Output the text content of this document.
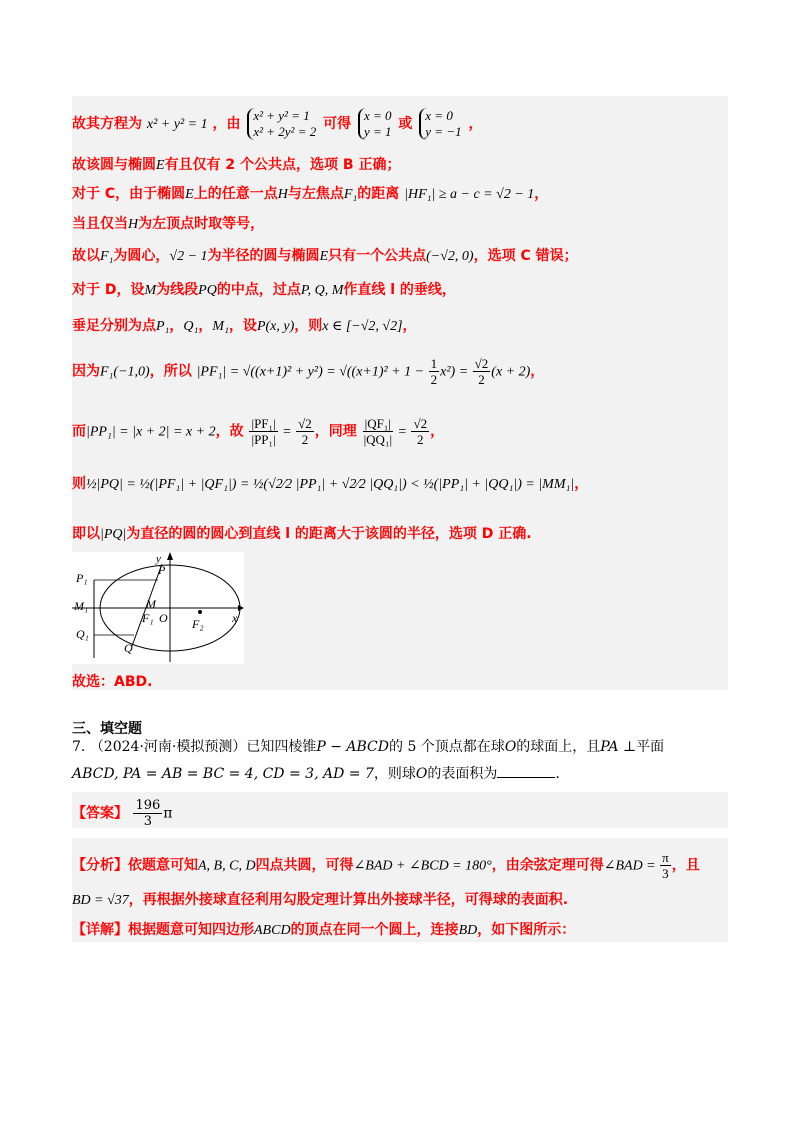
故其方程为 x² + y² = 1 ，由
x² + y² = 1
x² + 2y² = 2 可得
x = 0
y = 1 或
x = 0
y = −1 ，
故该圆与椭圆E有且仅有 2 个公共点，选项 B 正确；
对于 C，由于椭圆E上的任意一点H与左焦点F₁的距离 |HF₁| ≥ a − c = √2 − 1，
当且仅当H为左顶点时取等号，
故以F₁为圆心，√2 − 1为半径的圆与椭圆E只有一个公共点(−√2, 0)，选项 C 错误；
对于 D，设M为线段PQ的中点，过点P, Q, M作直线 l 的垂线，
垂足分别为点P₁，Q₁，M₁，设P(x, y)，则x ∈ [−√2, √2]，
因为F₁(−1,0)，所以 $|PF_1| = √((x+1)^2 + y^2) = √((x+1)^2 + 1 - \frac{1}{2} x^2) = \frac{√2}{2} (x + 2)$，
而|PP₁| = |x + 2| = x + 2，故 $\frac{\text{|PF₁|}}{\text{|PP₁|}} = \frac{√2}{2}$ ，同理 $\frac{\text{|QF₁|}}{\text{|QQ₁|}} = \frac{√2}{2}$ ，
则½|PQ| = ½(|PF₁| + |QF₁|) = ½(√2⁄2 |PP₁| + √2⁄2 |QQ₁|) < ½(|PP₁| + |QQ₁|) = |MM₁|，
即以|PQ|为直径的圆的圆心到直线 l 的距离大于该圆的半径，选项 D 正确.
y
x
P
P₁
M
M₁
Q
Q₁
F₁ O F₂
故选：ABD.
三、填空题
7. （2024·河南·模拟预测）已知四棱锥P − ABCD的 5 个顶点都在球O的球面上，且PA ⊥平面
ABCD, PA = AB = BC = 4, CD = 3, AD = 7，则球O的表面积为	.
【答案】 $\frac{196}{3}$ π
【分析】依题意可知A, B, C, D四点共圆，可得∠BAD + ∠BCD = 180°，由余弦定理可得∠BAD = $\frac{\pi}{3}$ ，且
BD = √37，再根据外接球直径利用勾股定理计算出外接球半径，可得球的表面积.
【详解】根据题意可知四边形ABCD的顶点在同一个圆上，连接BD，如下图所示：
